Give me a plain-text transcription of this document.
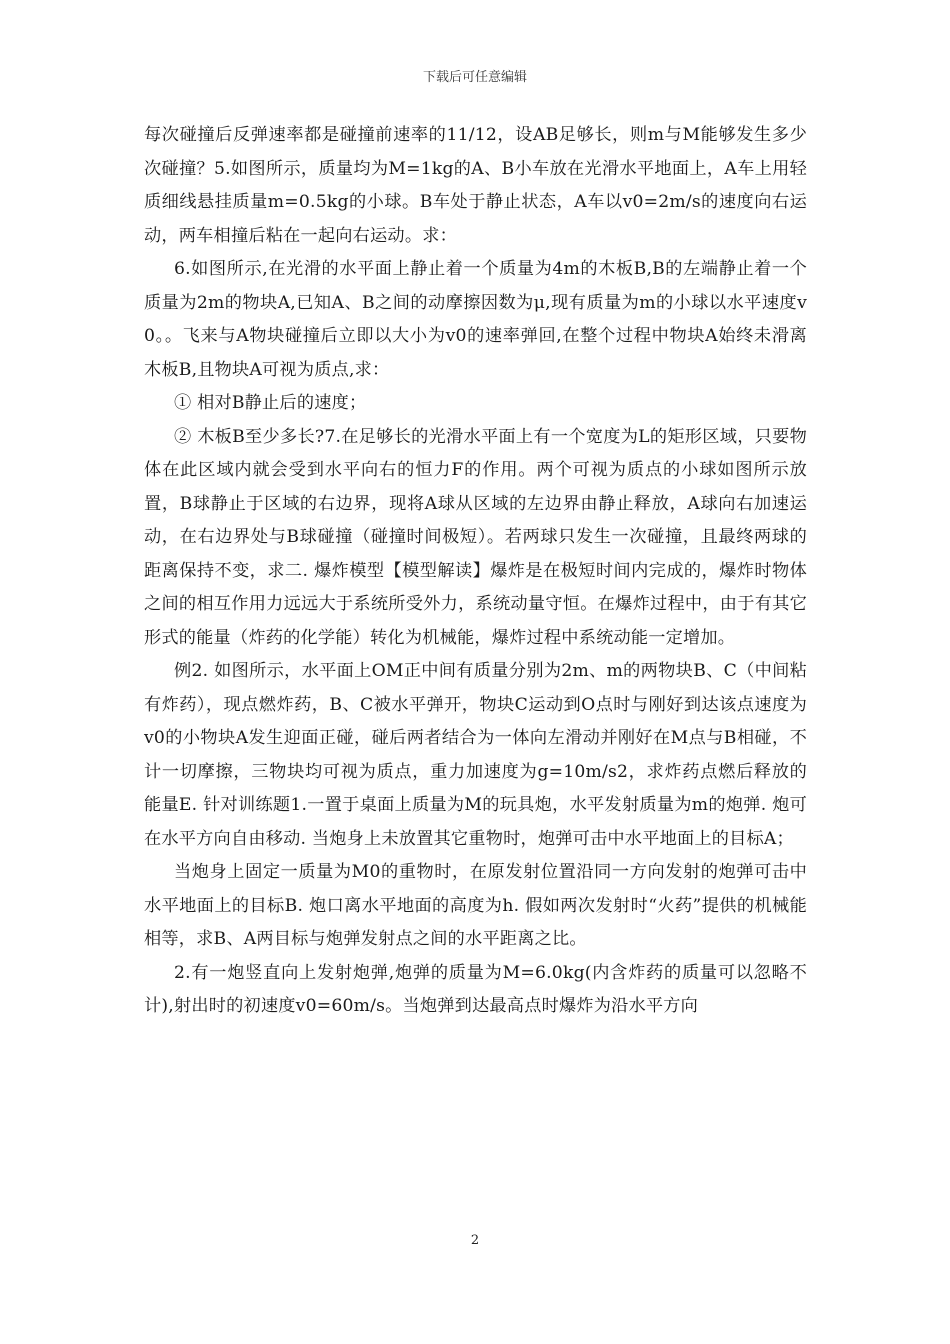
下载后可任意编辑

每次碰撞后反弹速率都是碰撞前速率的11/12，设AB足够长，则m与M能够发生多少次碰撞？5.如图所示，质量均为M=1kg的A、B小车放在光滑水平地面上，A车上用轻质细线悬挂质量m=0.5kg的小球。B车处于静止状态，A车以v0=2m/s的速度向右运动，两车相撞后粘在一起向右运动。求：

6.如图所示,在光滑的水平面上静止着一个质量为4m的木板B,B的左端静止着一个质量为2m的物块A,已知A、B之间的动摩擦因数为μ,现有质量为m的小球以水平速度v0。。飞来与A物块碰撞后立即以大小为v0的速率弹回,在整个过程中物块A始终未滑离木板B,且物块A可视为质点,求：

① 相对B静止后的速度；

② 木板B至少多长?7.在足够长的光滑水平面上有一个宽度为L的矩形区域，只要物体在此区域内就会受到水平向右的恒力F的作用。两个可视为质点的小球如图所示放置，B球静止于区域的右边界，现将A球从区域的左边界由静止释放，A球向右加速运动，在右边界处与B球碰撞（碰撞时间极短）。若两球只发生一次碰撞，且最终两球的距离保持不变，求二. 爆炸模型【模型解读】爆炸是在极短时间内完成的，爆炸时物体之间的相互作用力远远大于系统所受外力，系统动量守恒。在爆炸过程中，由于有其它形式的能量（炸药的化学能）转化为机械能，爆炸过程中系统动能一定增加。

例2. 如图所示，水平面上OM正中间有质量分别为2m、m的两物块B、C（中间粘有炸药），现点燃炸药，B、C被水平弹开，物块C运动到O点时与刚好到达该点速度为v0的小物块A发生迎面正碰，碰后两者结合为一体向左滑动并刚好在M点与B相碰，不计一切摩擦，三物块均可视为质点，重力加速度为g=10m/s2，求炸药点燃后释放的能量E. 针对训练题1.一置于桌面上质量为M的玩具炮，水平发射质量为m的炮弹. 炮可在水平方向自由移动. 当炮身上未放置其它重物时，炮弹可击中水平地面上的目标A；

当炮身上固定一质量为M0的重物时，在原发射位置沿同一方向发射的炮弹可击中水平地面上的目标B. 炮口离水平地面的高度为h. 假如两次发射时“火药”提供的机械能相等，求B、A两目标与炮弹发射点之间的水平距离之比。

2.有一炮竖直向上发射炮弹,炮弹的质量为M=6.0kg(内含炸药的质量可以忽略不计),射出时的初速度v0=60m/s。当炮弹到达最高点时爆炸为沿水平方向

2
